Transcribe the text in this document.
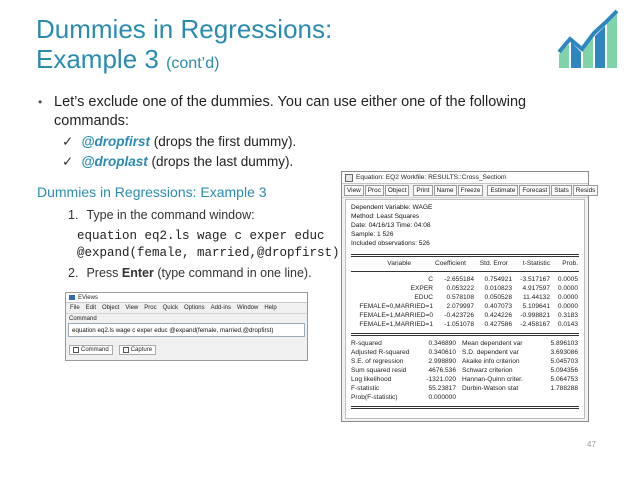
Dummies in Regressions:
Example 3 (cont’d)
• Let’s exclude one of the dummies. You can use either one of the following commands:
✓ @dropfirst (drops the first dummy).
✓ @droplast (drops the last dummy).
Dummies in Regressions: Example 3
1. Type in the command window:
equation eq2.ls wage c exper educ
@expand(female, married,@dropfirst)
2. Press Enter (type command in one line).
EViews
File Edit Object View Proc Quick Options Add-ins Window Help
Command
equation eq2.ls wage c exper educ @expand(female, married,@dropfirst)
Command	Capture
Equation: EQ2 Workfile: RESULTS::Cross_Section\
View	Proc	Object	Print	Name	Freeze	Estimate	Forecast	Stats	Resids
Dependent Variable: WAGE
Method: Least Squares
Date: 04/16/13 Time: 04:08
Sample: 1 526
Included observations: 526
Variable	Coefficient Std. Error t-Statistic Prob.
C -2.655184 0.754921 -3.517167 0.0005
EXPER 0.053222 0.010823 4.917597 0.0000
EDUC 0.578108 0.050528 11.44132 0.0000
FEMALE=0,MARRIED=1 2.079997 0.407073 5.109641 0.0000
FEMALE=1,MARRIED=0 -0.423726 0.424226 -0.998821 0.3183
FEMALE=1,MARRIED=1 -1.051078 0.427586 -2.458167 0.0143
R-squared	0.346890 Mean dependent var	5.896103
Adjusted R-squared	0.340610 S.D. dependent var	3.693086
S.E. of regression	2.998890 Akaike info criterion	5.045703
Sum squared resid	4676.536 Schwarz criterion	5.094356
Log likelihood	-1321.020 Hannan-Quinn criter.	5.064753
F-statistic	55.23817 Durbin-Watson stat	1.788288
Prob(F-statistic)	0.000000
47
